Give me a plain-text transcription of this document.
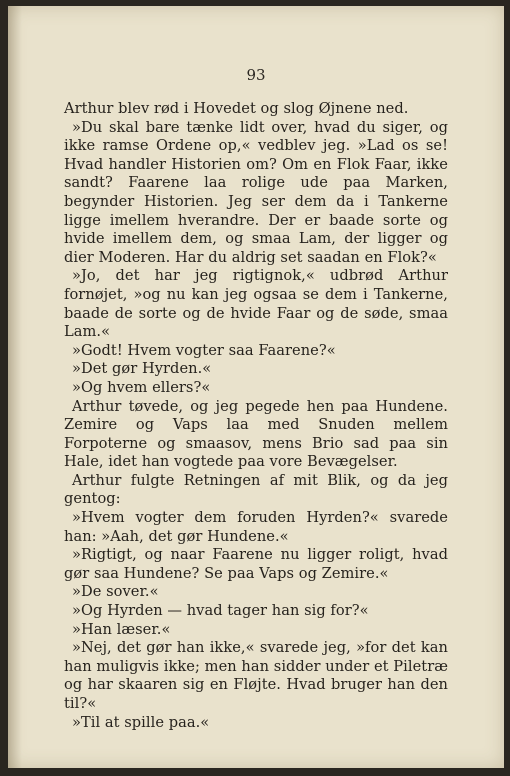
93

Arthur blev rød i Hovedet og slog Øjnene ned.

»Du skal bare tænke lidt over, hvad du siger, og ikke ramse Ordene op,« vedblev jeg. »Lad os se! Hvad handler Historien om? Om en Flok Faar, ikke sandt? Faarene laa rolige ude paa Marken, begynder Historien. Jeg ser dem da i Tankerne ligge imellem hverandre. Der er baade sorte og hvide imellem dem, og smaa Lam, der ligger og dier Moderen. Har du aldrig set saadan en Flok?«

»Jo, det har jeg rigtignok,« udbrød Arthur fornøjet, »og nu kan jeg ogsaa se dem i Tankerne, baade de sorte og de hvide Faar og de søde, smaa Lam.«

»Godt! Hvem vogter saa Faarene?«

»Det gør Hyrden.«

»Og hvem ellers?«

Arthur tøvede, og jeg pegede hen paa Hundene. Zemire og Vaps laa med Snuden mellem Forpoterne og smaasov, mens Brio sad paa sin Hale, idet han vogtede paa vore Bevægelser.

Arthur fulgte Retningen af mit Blik, og da jeg gentog:

»Hvem vogter dem foruden Hyrden?« svarede han: »Aah, det gør Hundene.«

»Rigtigt, og naar Faarene nu ligger roligt, hvad gør saa Hundene? Se paa Vaps og Zemire.«

»De sover.«

»Og Hyrden — hvad tager han sig for?«

»Han læser.«

»Nej, det gør han ikke,« svarede jeg, »for det kan han muligvis ikke; men han sidder under et Piletræ og har skaaren sig en Fløjte. Hvad bruger han den til?«

»Til at spille paa.«
